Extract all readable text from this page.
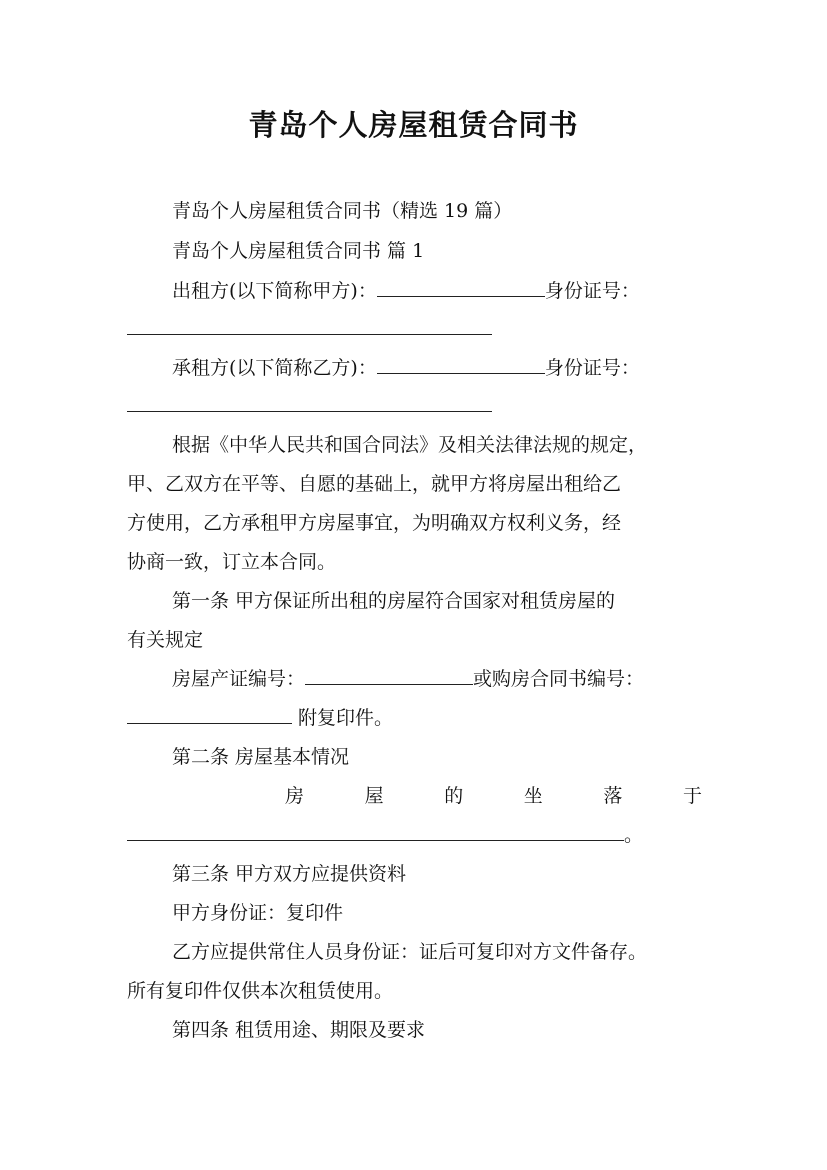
青岛个人房屋租赁合同书
青岛个人房屋租赁合同书（精选 19 篇）
青岛个人房屋租赁合同书 篇 1
出租方(以下简称甲方)：	身份证号：
承租方(以下简称乙方)：	身份证号：
根据《中华人民共和国合同法》及相关法律法规的规定，
甲、乙双方在平等、自愿的基础上，就甲方将房屋出租给乙
方使用，乙方承租甲方房屋事宜，为明确双方权利义务，经
协商一致，订立本合同。
第一条 甲方保证所出租的房屋符合国家对租赁房屋的
有关规定
房屋产证编号：	或购房合同书编号：
附复印件。
第二条 房屋基本情况
房	屋	的	坐	落	于
。
第三条 甲方双方应提供资料
甲方身份证：复印件
乙方应提供常住人员身份证：证后可复印对方文件备存。
所有复印件仅供本次租赁使用。
第四条 租赁用途、期限及要求
